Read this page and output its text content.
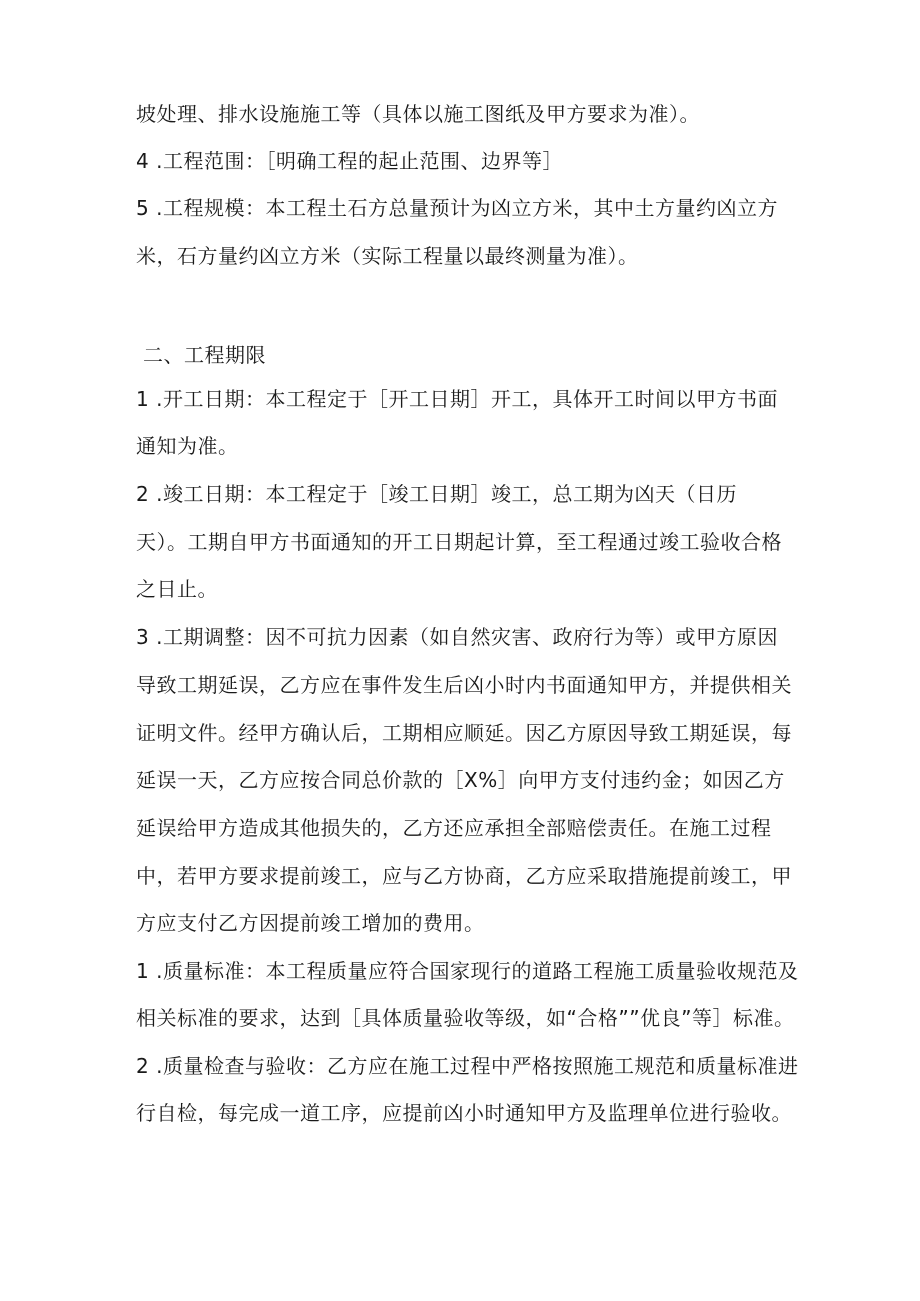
坡处理、排水设施施工等（具体以施工图纸及甲方要求为准）。
4 .工程范围：［明确工程的起止范围、边界等］
5 .工程规模：本工程土石方总量预计为凶立方米，其中土方量约凶立方
米，石方量约凶立方米（实际工程量以最终测量为准）。
二、工程期限
1 .开工日期：本工程定于［开工日期］开工，具体开工时间以甲方书面
通知为准。
2 .竣工日期：本工程定于［竣工日期］竣工，总工期为凶天（日历
天）。工期自甲方书面通知的开工日期起计算，至工程通过竣工验收合格
之日止。
3 .工期调整：因不可抗力因素（如自然灾害、政府行为等）或甲方原因
导致工期延误，乙方应在事件发生后凶小时内书面通知甲方，并提供相关
证明文件。经甲方确认后，工期相应顺延。因乙方原因导致工期延误，每
延误一天，乙方应按合同总价款的［X%］向甲方支付违约金；如因乙方
延误给甲方造成其他损失的，乙方还应承担全部赔偿责任。在施工过程
中，若甲方要求提前竣工，应与乙方协商，乙方应采取措施提前竣工，甲
方应支付乙方因提前竣工增加的费用。
1 .质量标准：本工程质量应符合国家现行的道路工程施工质量验收规范及
相关标准的要求，达到［具体质量验收等级，如“合格””优良”等］标准。
2 .质量检查与验收：乙方应在施工过程中严格按照施工规范和质量标准进
行自检，每完成一道工序，应提前凶小时通知甲方及监理单位进行验收。
